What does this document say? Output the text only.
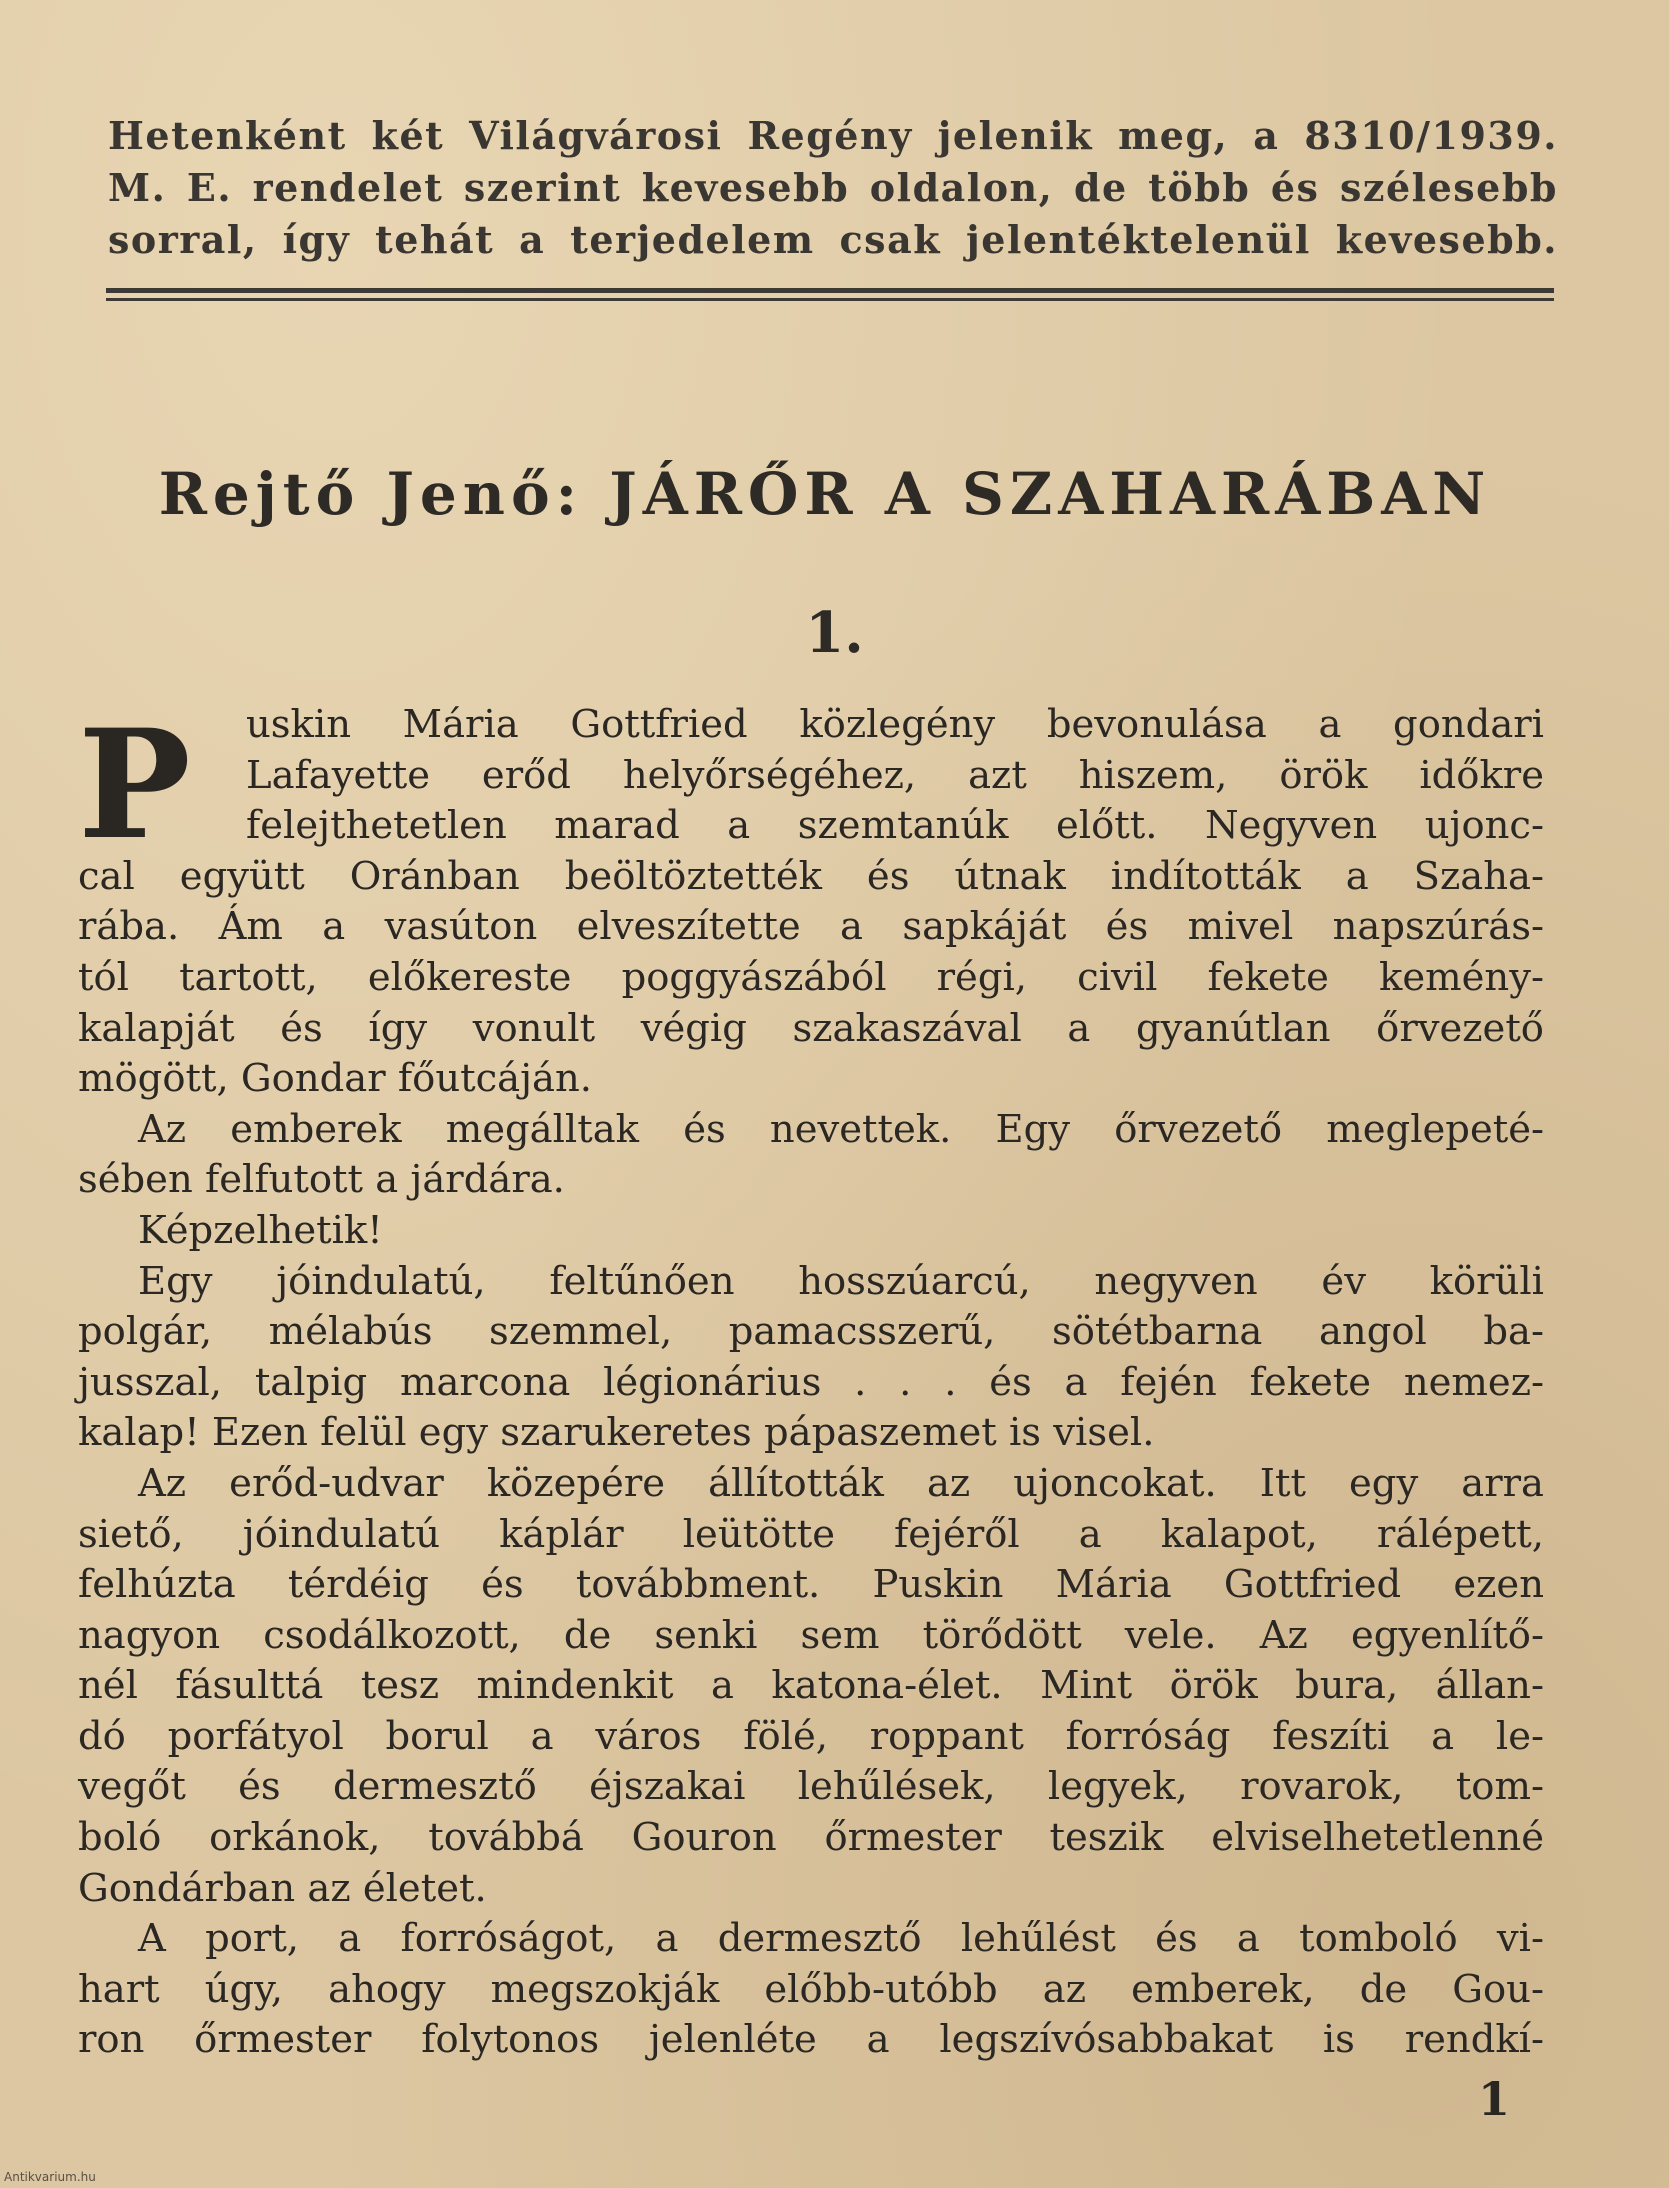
Hetenként két Világvárosi Regény jelenik meg, a 8310/1939.
M. E. rendelet szerint kevesebb oldalon, de több és szélesebb
sorral, így tehát a terjedelem csak jelentéktelenül kevesebb.
Rejtő Jenő: JÁRŐR A SZAHARÁBAN
1.
P uskin Mária Gottfried közlegény bevonulása a gondari
Lafayette erőd helyőrségéhez, azt hiszem, örök időkre
felejthetetlen marad a szemtanúk előtt. Negyven ujonc-
cal együtt Oránban beöltöztették és útnak indították a Szaha-
rába. Ám a vasúton elveszítette a sapkáját és mivel napszúrás-
tól tartott, előkereste poggyászából régi, civil fekete kemény-
kalapját és így vonult végig szakaszával a gyanútlan őrvezető
mögött, Gondar főutcáján.
Az emberek megálltak és nevettek. Egy őrvezető meglepeté-
sében felfutott a járdára.
Képzelhetik!
Egy jóindulatú, feltűnően hosszúarcú, negyven év körüli
polgár, mélabús szemmel, pamacsszerű, sötétbarna angol ba-
jusszal, talpig marcona légionárius . . . és a fején fekete nemez-
kalap! Ezen felül egy szarukeretes pápaszemet is visel.
Az erőd-udvar közepére állították az ujoncokat. Itt egy arra
siető, jóindulatú káplár leütötte fejéről a kalapot, rálépett,
felhúzta térdéig és továbbment. Puskin Mária Gottfried ezen
nagyon csodálkozott, de senki sem törődött vele. Az egyenlítő-
nél fásulttá tesz mindenkit a katona-élet. Mint örök bura, állan-
dó porfátyol borul a város fölé, roppant forróság feszíti a le-
vegőt és dermesztő éjszakai lehűlések, legyek, rovarok, tom-
boló orkánok, továbbá Gouron őrmester teszik elviselhetetlenné
Gondárban az életet.
A port, a forróságot, a dermesztő lehűlést és a tomboló vi-
hart úgy, ahogy megszokják előbb-utóbb az emberek, de Gou-
ron őrmester folytonos jelenléte a legszívósabbakat is rendkí-
1
Antikvarium.hu
